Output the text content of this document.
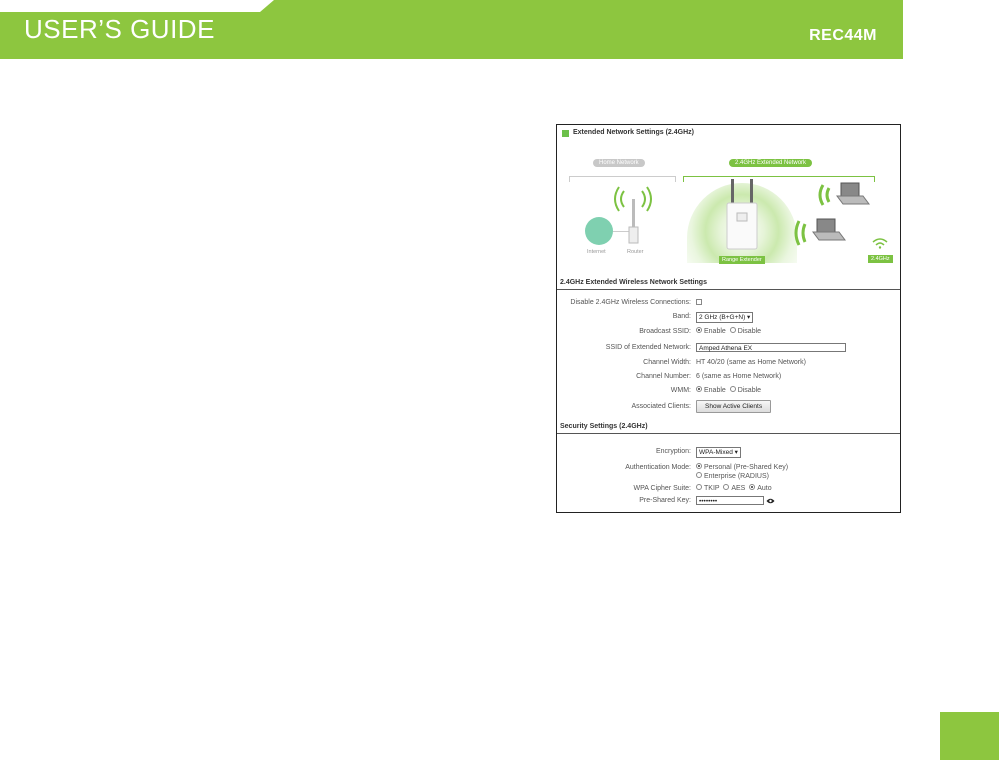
USER’S GUIDE	REC44M
Extended Network Settings (2.4GHz)
Home Network	2.4GHz Extended Network
Internet	Router
Range Extender	2.4GHz
2.4GHz Extended Wireless Network Settings
Disable 2.4GHz Wireless Connections:
Band:	2 GHz (B+G+N) ▾
Broadcast SSID:	Enable Disable
SSID of Extended Network:	Amped Athena EX
Channel Width: HT 40/20 (same as Home Network)
Channel Number: 6 (same as Home Network)
WMM:	Enable Disable
Associated Clients:	Show Active Clients
Security Settings (2.4GHz)
Encryption:	WPA-Mixed ▾
Authentication Mode:	Personal (Pre-Shared Key)
Enterprise (RADIUS)
WPA Cipher Suite:	TKIP AES Auto
Pre-Shared Key:	••••••••
